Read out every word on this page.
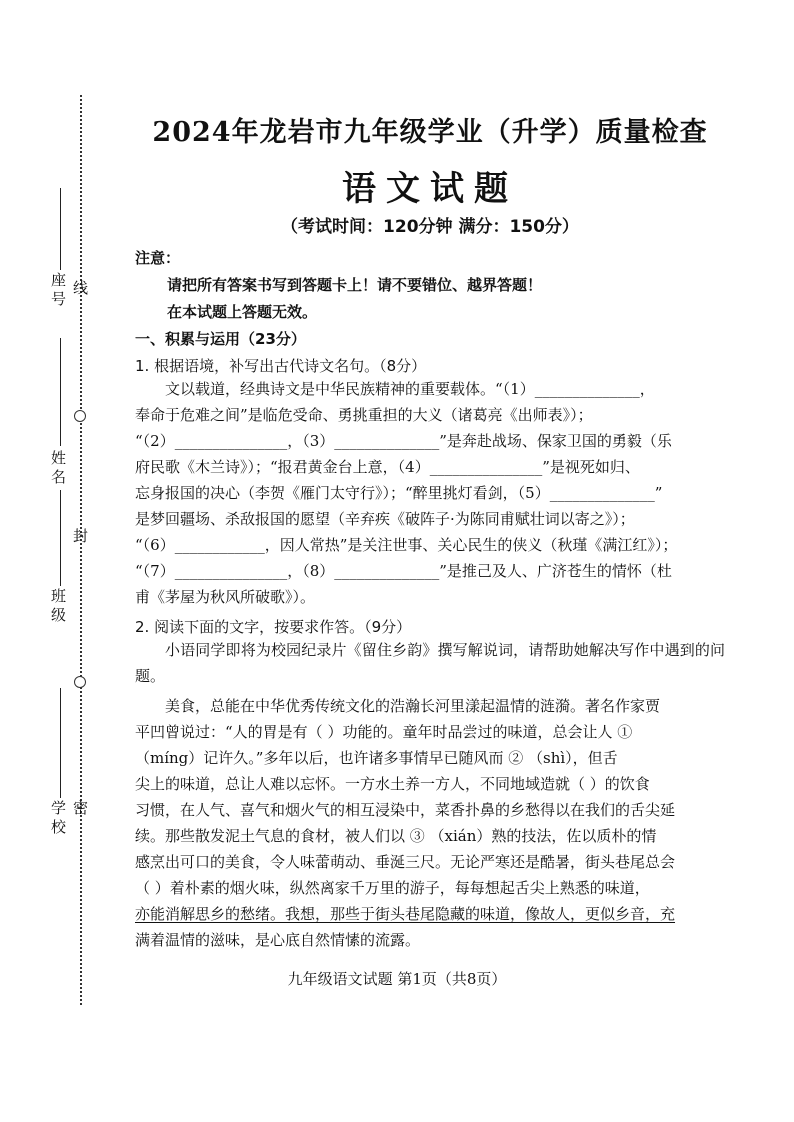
座号 线
姓名
班级
封
学校 密
2024年龙岩市九年级学业（升学）质量检查
语文试题
（考试时间：120分钟 满分：150分）
注意：
请把所有答案书写到答题卡上！请不要错位、越界答题！
在本试题上答题无效。
一、积累与运用（23分）
1. 根据语境，补写出古代诗文名句。（8分）

文以载道，经典诗文是中华民族精神的重要载体。“（1）______________，

奉命于危难之间”是临危受命、勇挑重担的大义（诸葛亮《出师表》）；

“（2）_______________，（3）______________”是奔赴战场、保家卫国的勇毅（乐

府民歌《木兰诗》）；“报君黄金台上意，（4）_______________”是视死如归、

忘身报国的决心（李贺《雁门太守行》）；“醉里挑灯看剑，（5）______________”

是梦回疆场、杀敌报国的愿望（辛弃疾《破阵子·为陈同甫赋壮词以寄之》）；

“（6）____________，因人常热”是关注世事、关心民生的侠义（秋瑾《满江红》）；

“（7）_______________，（8）______________”是推己及人、广济苍生的情怀（杜

甫《茅屋为秋风所破歌》）。

2. 阅读下面的文字，按要求作答。（9分）

小语同学即将为校园纪录片《留住乡韵》撰写解说词，请帮助她解决写作中遇到的问题。

美食，总能在中华优秀传统文化的浩瀚长河里漾起温情的涟漪。著名作家贾

平凹曾说过：“人的胃是有（ ）功能的。童年时品尝过的味道，总会让人 ①

（míng）记许久。”多年以后，也许诸多事情早已随风而 ② （shì），但舌

尖上的味道，总让人难以忘怀。一方水土养一方人，不同地域造就（ ）的饮食

习惯，在人气、喜气和烟火气的相互浸染中，菜香扑鼻的乡愁得以在我们的舌尖延

续。那些散发泥土气息的食材，被人们以 ③ （xián）熟的技法，佐以质朴的情

感烹出可口的美食，令人味蕾萌动、垂涎三尺。无论严寒还是酷暑，街头巷尾总会

（ ）着朴素的烟火味，纵然离家千万里的游子，每每想起舌尖上熟悉的味道，

亦能消解思乡的愁绪。我想，那些于街头巷尾隐藏的味道，像故人，更似乡音，充

满着温情的滋味，是心底自然情愫的流露。

九年级语文试题 第1页（共8页）
